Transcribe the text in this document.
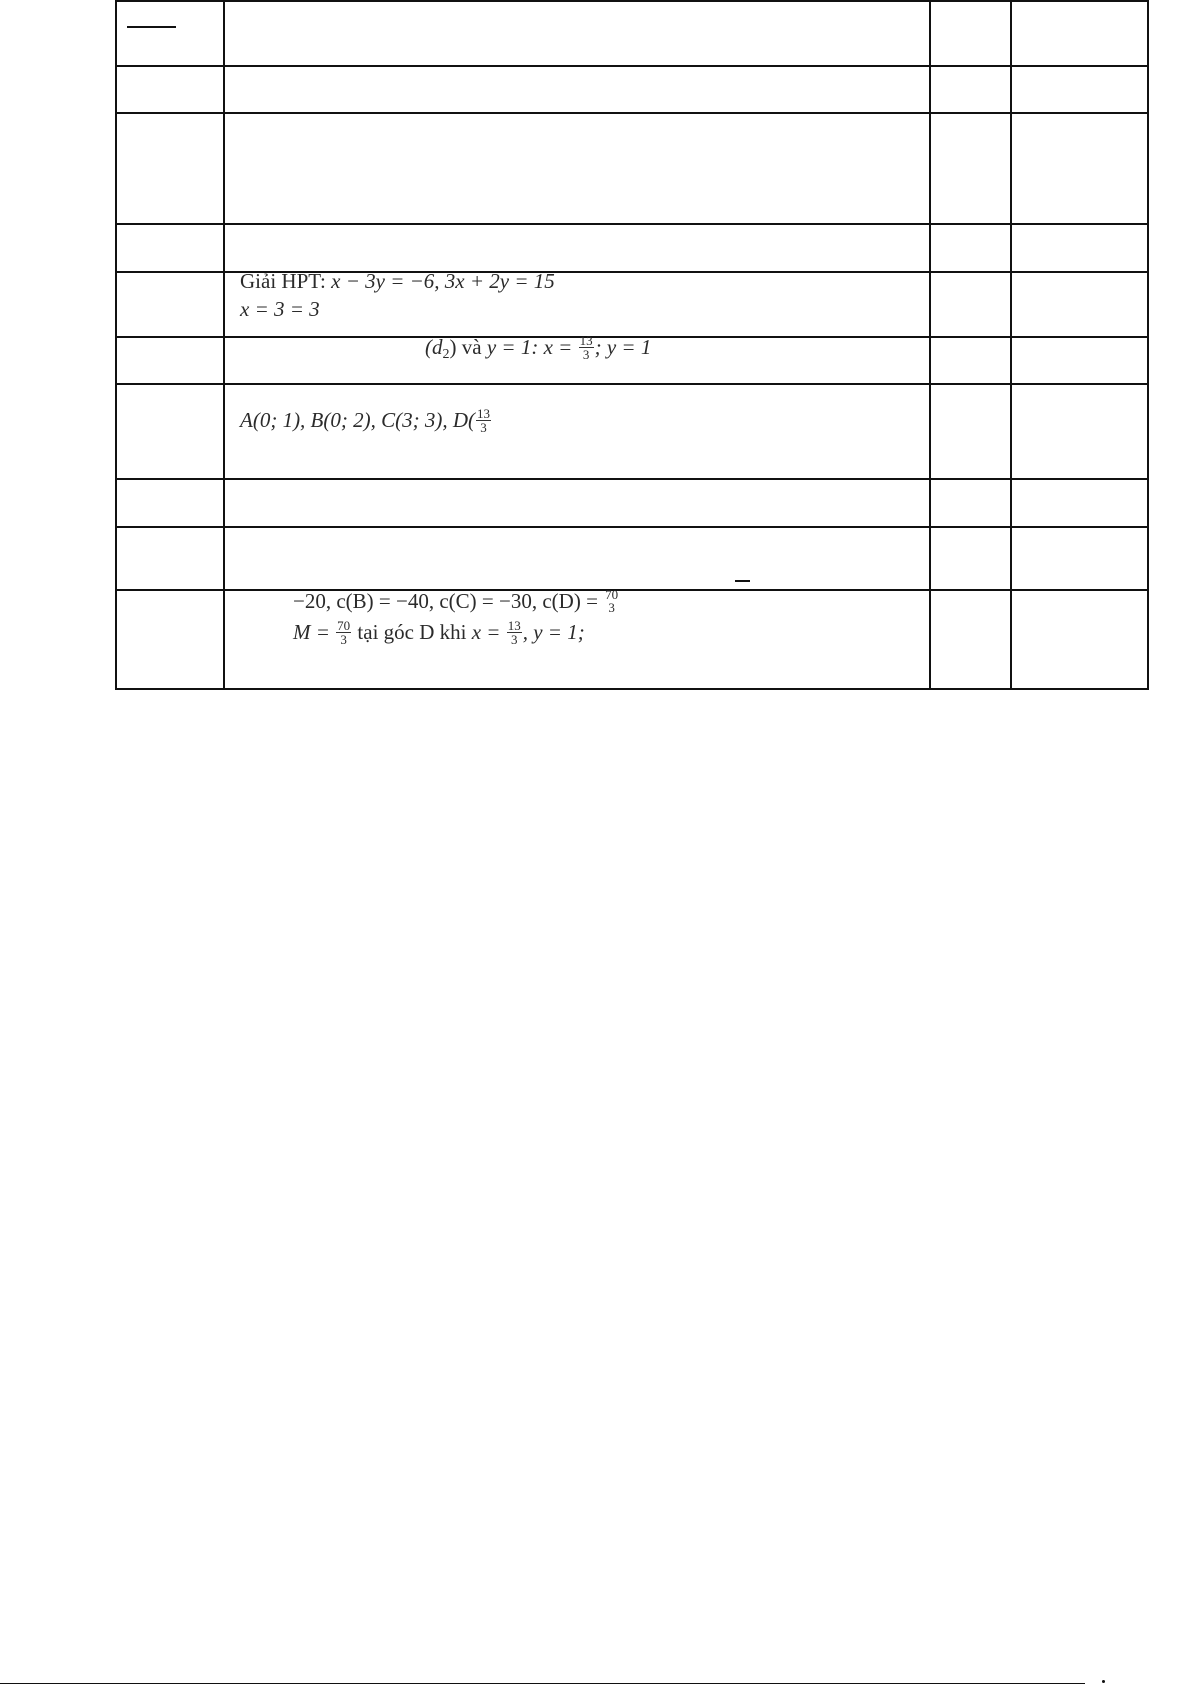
Giải HPT: x − 3y = −6, 3x + 2y = 15
x = 3 = 3
$(d_2)$ và y = 1: $x = \frac{13}{3}$ ; y = 1
A(0; 1), B(0; 2), C(3; 3), $D( \frac{13}{3}$
−20, c(B) = −40, c(C) = −30, c(D) = 70
3
$M = \frac{70}{3}$ tại góc D khi $x = \frac{13}{3}$ , y = 1;
